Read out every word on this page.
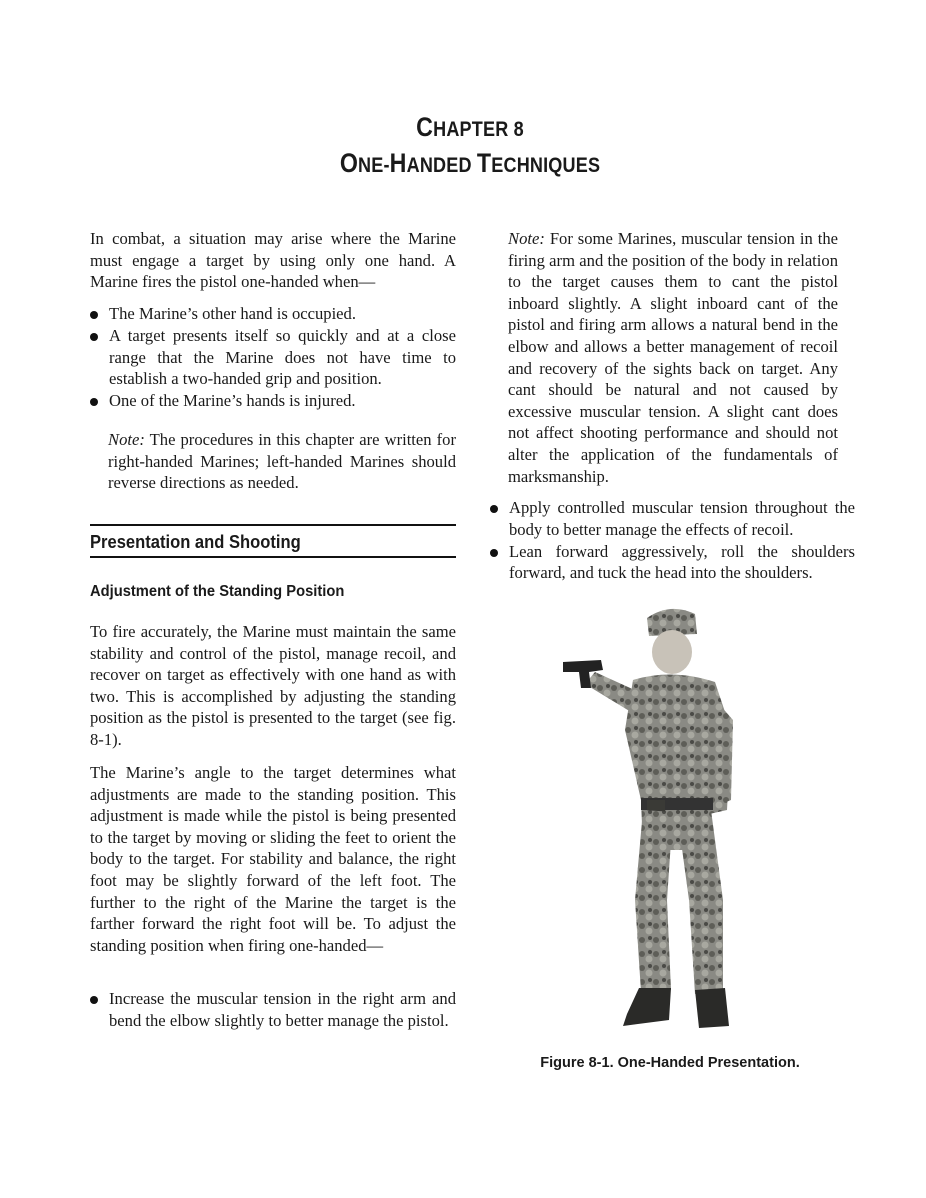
CHAPTER 8
ONE-HANDED TECHNIQUES

In combat, a situation may arise where the Marine must engage a target by using only one hand. A Marine fires the pistol one-handed when—

The Marine’s other hand is occupied.
A target presents itself so quickly and at a close range that the Marine does not have time to establish a two-handed grip and position.
One of the Marine’s hands is injured.

Note: The procedures in this chapter are written for right-handed Marines; left-handed Marines should reverse directions as needed.

Presentation and Shooting
Adjustment of the Standing Position

To fire accurately, the Marine must maintain the same stability and control of the pistol, manage recoil, and recover on target as effectively with one hand as with two. This is accomplished by adjusting the standing position as the pistol is presented to the target (see fig. 8-1).

The Marine’s angle to the target determines what adjustments are made to the standing position. This adjustment is made while the pistol is being presented to the target by moving or sliding the feet to orient the body to the target. For stability and balance, the right foot may be slightly forward of the left foot. The further to the right of the Marine the target is the farther forward the right foot will be. To adjust the standing position when firing one-handed—

Increase the muscular tension in the right arm and bend the elbow slightly to better manage the pistol.

Note: For some Marines, muscular tension in the firing arm and the position of the body in relation to the target causes them to cant the pistol inboard slightly. A slight inboard cant of the pistol and firing arm allows a natural bend in the elbow and allows a better management of recoil and recovery of the sights back on target. Any cant should be natural and not caused by excessive muscular tension. A slight cant does not affect shooting performance and should not alter the application of the fundamentals of marksmanship.

Apply controlled muscular tension throughout the body to better manage the effects of recoil.
Lean forward aggressively, roll the shoulders forward, and tuck the head into the shoulders.
Figure 8-1. One-Handed Presentation.
